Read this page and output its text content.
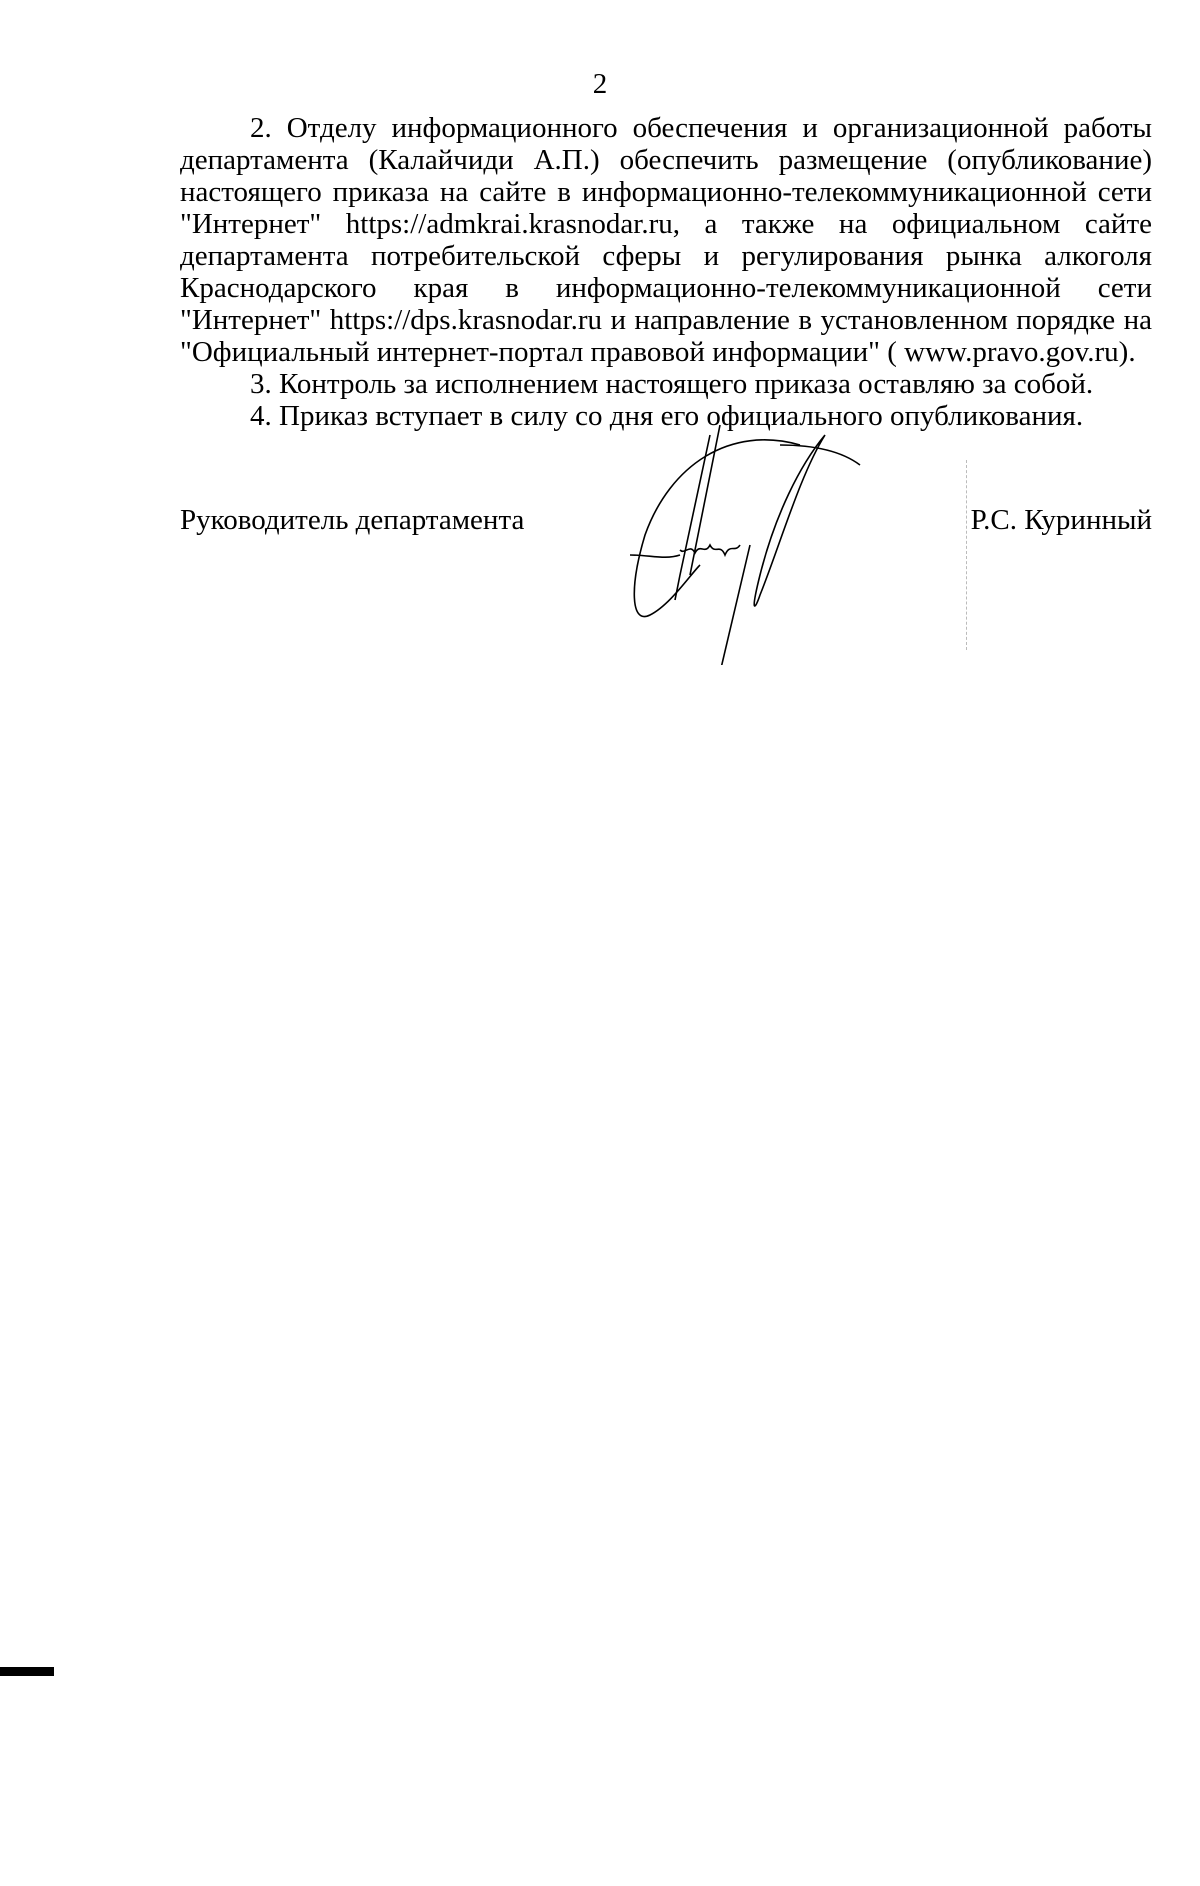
2
2. Отделу информационного обеспечения и организационной работы
департамента (Калайчиди А.П.) обеспечить размещение (опубликование)
настоящего приказа на сайте в информационно-телекоммуникационной сети
"Интернет" https://admkrai.krasnodar.ru, а также на официальном сайте
департамента потребительской сферы и регулирования рынка алкоголя
Краснодарского края в информационно-телекоммуникационной сети
"Интернет" https://dps.krasnodar.ru и направление в установленном порядке на
"Официальный интернет-портал правовой информации" ( www.pravo.gov.ru).
3. Контроль за исполнением настоящего приказа оставляю за собой.
4. Приказ вступает в силу со дня его официального опубликования.
Руководитель департамента	Р.С. Куринный
